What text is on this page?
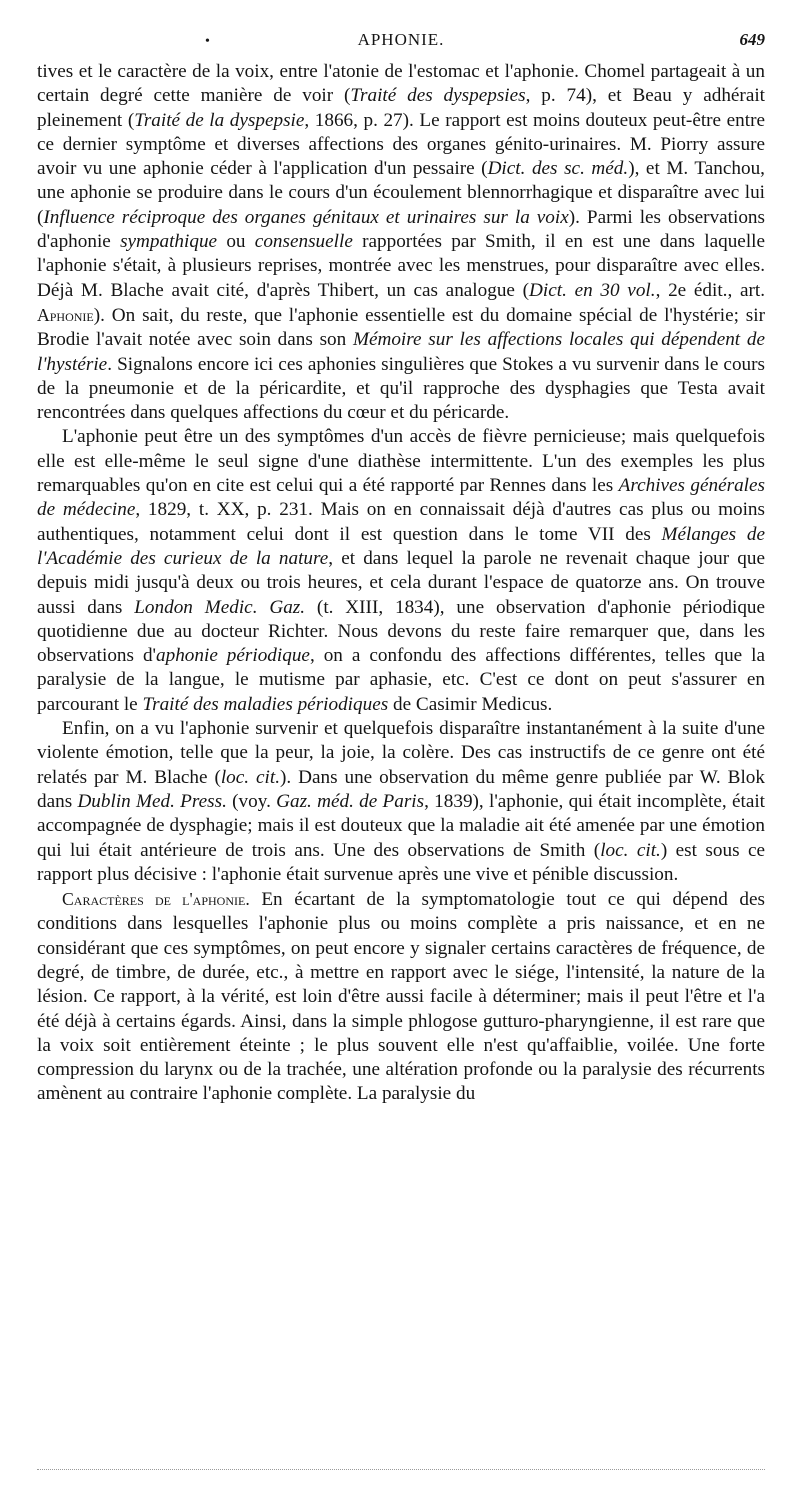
•	APHONIE.	649

tives et le caractère de la voix, entre l'atonie de l'estomac et l'aphonie. Chomel partageait à un certain degré cette manière de voir (Traité des dyspepsies, p. 74), et Beau y adhérait pleinement (Traité de la dyspepsie, 1866, p. 27). Le rapport est moins douteux peut-être entre ce dernier symptôme et diverses affections des organes génito-urinaires. M. Piorry assure avoir vu une aphonie céder à l'application d'un pessaire (Dict. des sc. méd.), et M. Tanchou, une aphonie se produire dans le cours d'un écoulement blennorrhagique et disparaître avec lui (Influence réciproque des organes génitaux et urinaires sur la voix). Parmi les observations d'aphonie sympathique ou consensuelle rapportées par Smith, il en est une dans laquelle l'aphonie s'était, à plusieurs reprises, montrée avec les menstrues, pour disparaître avec elles. Déjà M. Blache avait cité, d'après Thibert, un cas analogue (Dict. en 30 vol., 2e édit., art. Aphonie). On sait, du reste, que l'aphonie essentielle est du domaine spécial de l'hystérie; sir Brodie l'avait notée avec soin dans son Mémoire sur les affections locales qui dépendent de l'hystérie. Signalons encore ici ces aphonies singulières que Stokes a vu survenir dans le cours de la pneumonie et de la péricardite, et qu'il rapproche des dysphagies que Testa avait rencontrées dans quelques affections du cœur et du péricarde.

L'aphonie peut être un des symptômes d'un accès de fièvre pernicieuse; mais quelquefois elle est elle-même le seul signe d'une diathèse intermittente. L'un des exemples les plus remarquables qu'on en cite est celui qui a été rapporté par Rennes dans les Archives générales de médecine, 1829, t. XX, p. 231. Mais on en connaissait déjà d'autres cas plus ou moins authentiques, notamment celui dont il est question dans le tome VII des Mélanges de l'Académie des curieux de la nature, et dans lequel la parole ne revenait chaque jour que depuis midi jusqu'à deux ou trois heures, et cela durant l'espace de quatorze ans. On trouve aussi dans London Medic. Gaz. (t. XIII, 1834), une observation d'aphonie périodique quotidienne due au docteur Richter. Nous devons du reste faire remarquer que, dans les observations d'aphonie périodique, on a confondu des affections différentes, telles que la paralysie de la langue, le mutisme par aphasie, etc. C'est ce dont on peut s'assurer en parcourant le Traité des maladies périodiques de Casimir Medicus.

Enfin, on a vu l'aphonie survenir et quelquefois disparaître instantanément à la suite d'une violente émotion, telle que la peur, la joie, la colère. Des cas instructifs de ce genre ont été relatés par M. Blache (loc. cit.). Dans une observation du même genre publiée par W. Blok dans Dublin Med. Press. (voy. Gaz. méd. de Paris, 1839), l'aphonie, qui était incomplète, était accompagnée de dysphagie; mais il est douteux que la maladie ait été amenée par une émotion qui lui était antérieure de trois ans. Une des observations de Smith (loc. cit.) est sous ce rapport plus décisive : l'aphonie était survenue après une vive et pénible discussion.

Caractères de l'aphonie. En écartant de la symptomatologie tout ce qui dépend des conditions dans lesquelles l'aphonie plus ou moins complète a pris naissance, et en ne considérant que ces symptômes, on peut encore y signaler certains caractères de fréquence, de degré, de timbre, de durée, etc., à mettre en rapport avec le siége, l'intensité, la nature de la lésion. Ce rapport, à la vérité, est loin d'être aussi facile à déterminer; mais il peut l'être et l'a été déjà à certains égards. Ainsi, dans la simple phlogose gutturo-pharyngienne, il est rare que la voix soit entièrement éteinte ; le plus souvent elle n'est qu'affaiblie, voilée. Une forte compression du larynx ou de la trachée, une altération profonde ou la paralysie des récurrents amènent au contraire l'aphonie complète. La paralysie du
